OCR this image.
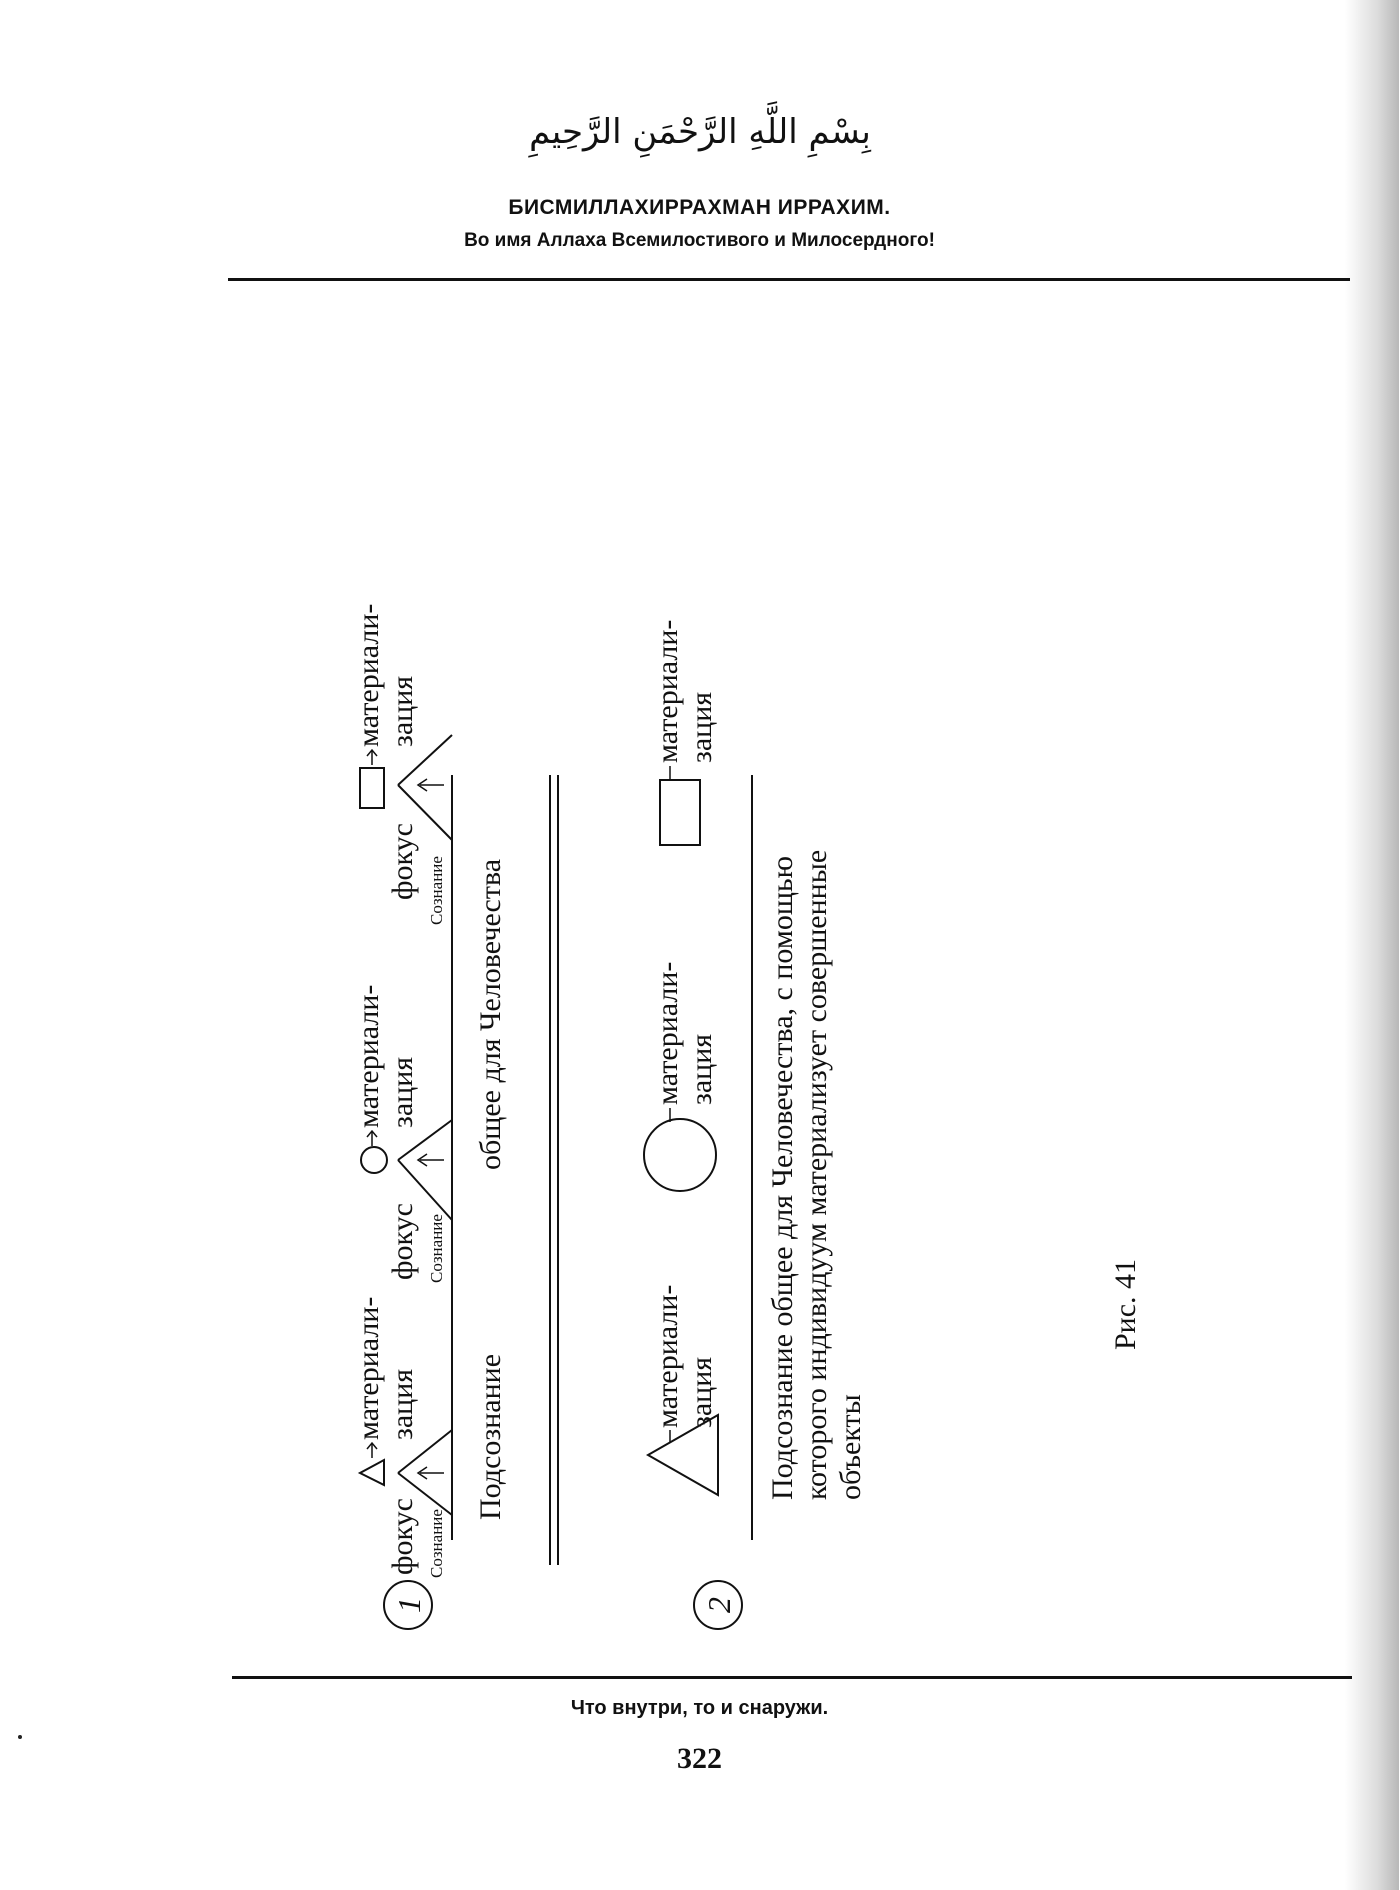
بِسْمِ اللَّهِ الرَّحْمَنِ الرَّحِيمِ
БИСМИЛЛАХИРРАХМАН ИРРАХИМ.
Во имя Аллаха Всемилостивого и Милосердного!
1
фокус Сознание
материали- зация
фокус Сознание
материали- зация
фокус Сознание
материали- зация
Подсознание
общее для Человечества
2
материали- зация
материали- зация
материали- зация
Подсознание общее для Человечества, с помощью которого индивидуум материализует совершенные объекты
Рис. 41
Что внутри, то и снаружи.
322
